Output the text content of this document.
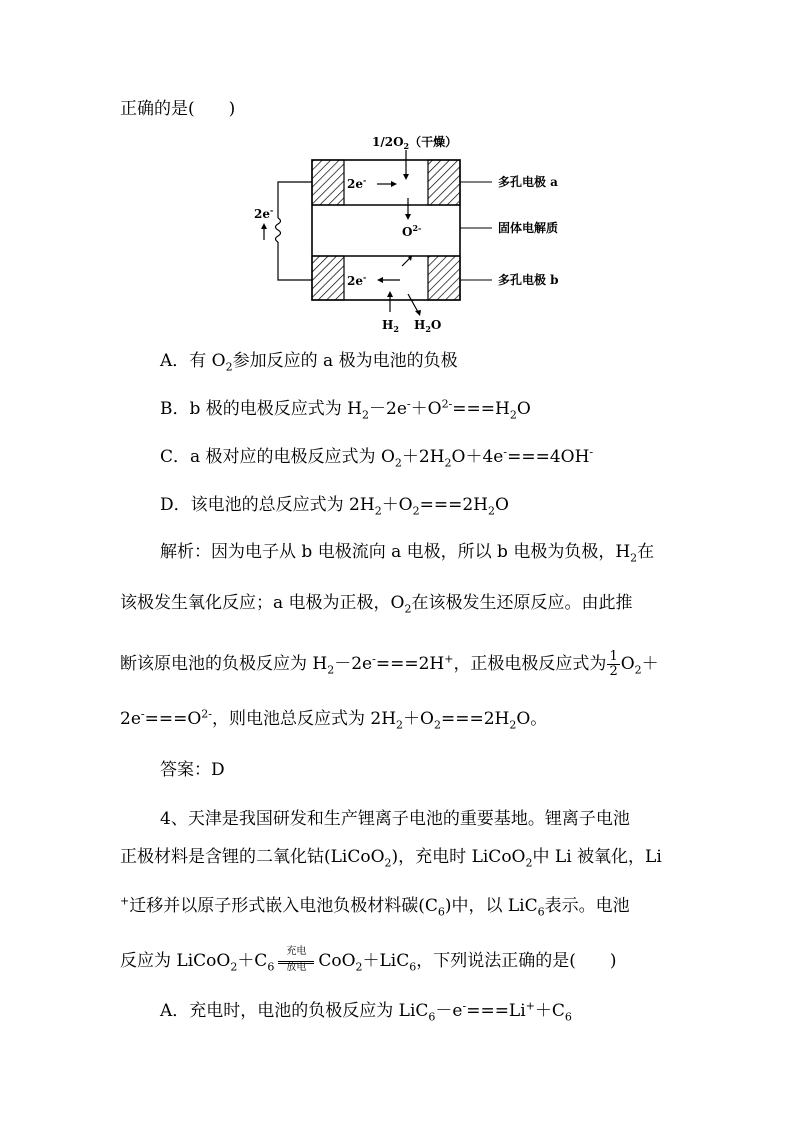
正确的是(　　)
$1/2O_2$（干燥）
2e-
$O^{2-}$
2e-
2e-
多孔电极 a
固体电解质
多孔电极 b
$H_2$ $H_2O$
A．有 $O_2$参加反应的 a 极为电池的负极
B．b 极的电极反应式为 $H_2-2e^-+O^{2-}===H_2O$
C．a 极对应的电极反应式为 $O_2+2H_2O+4e^-===4OH^-$
D．该电池的总反应式为 $2H_2+O_2===2H_2O$
解析：因为电子从 b 电极流向 a 电极，所以 b 电极为负极，$H_2$在
该极发生氧化反应；a 电极为正极，$O_2$在该极发生还原反应。由此推
断该原电池的负极反应为 $H_2-2e^-===2H^+$，正极电极反应式为 $\frac{1}{2} O_2+$
$2e^-===O^{2-}$，则电池总反应式为 $2H_2+O_2===2H_2O$。
答案：D
4、天津是我国研发和生产锂离子电池的重要基地。锂离子电池
正极材料是含锂的二氧化钴(LiCoO$_2$)，充电时 LiCoO$_2$中 Li 被氧化，Li
+迁移并以原子形式嵌入电池负极材料碳$(C_6)$中，以 LiC$_6$表示。电池
反应为 $LiCoO_2+C_6$
充电
放电 CoO$_2$＋LiC$_6$，下列说法正确的是(　　)
A．充电时，电池的负极反应为 $LiC_6-e^-===Li^++C_6$
